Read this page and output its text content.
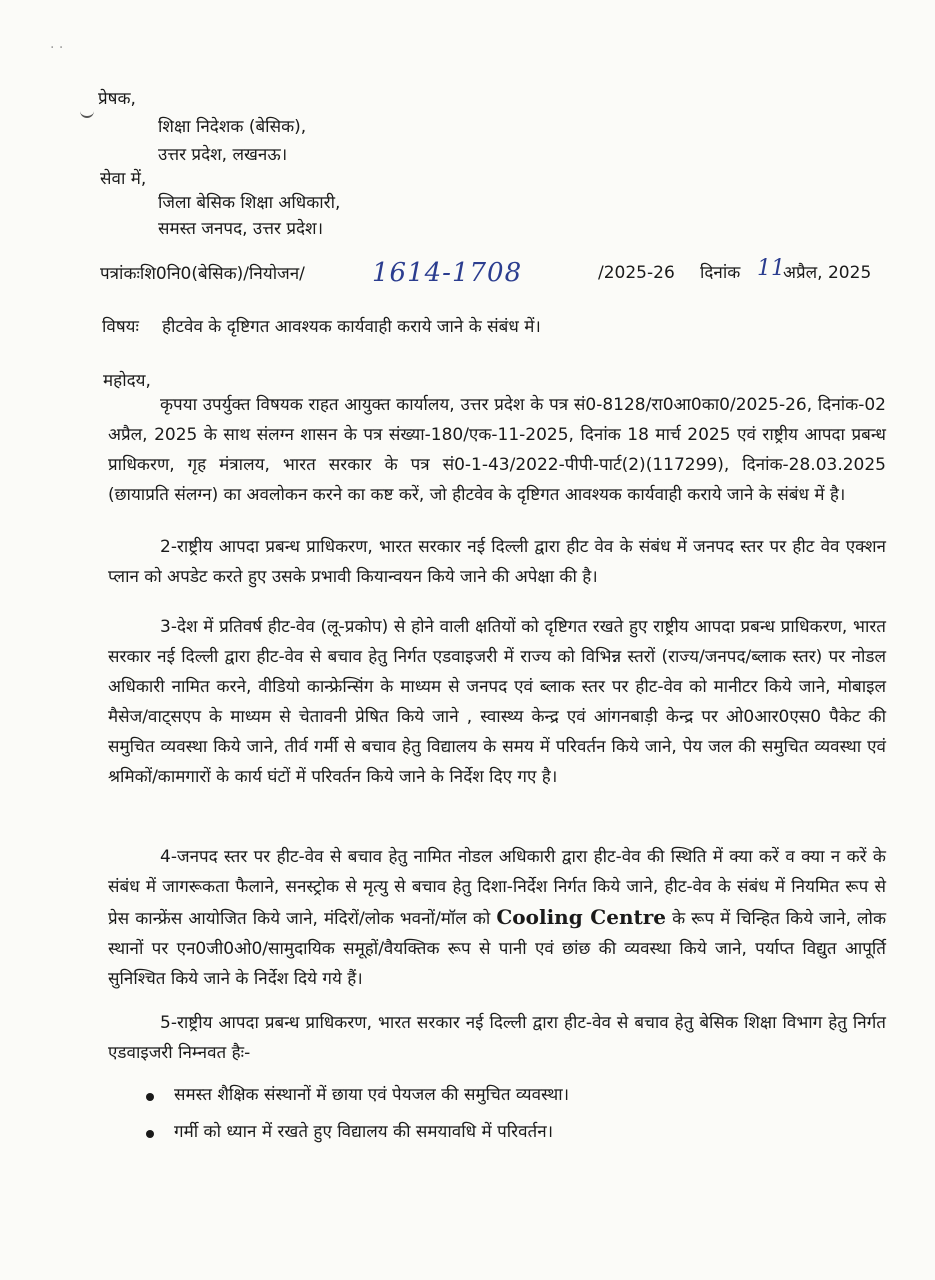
· ·
प्रेषक,
शिक्षा निदेशक (बेसिक),
उत्तर प्रदेश, लखनऊ।
सेवा में,
जिला बेसिक शिक्षा अधिकारी,
समस्त जनपद, उत्तर प्रदेश।
पत्रांकःशि0नि0(बेसिक)/नियोजन/	1614-1708	/2025-26 दिनांक 11
अप्रैल, 2025
विषयः हीटवेव के दृष्टिगत आवश्यक कार्यवाही कराये जाने के संबंध में।
महोदय,
कृपया उपर्युक्त विषयक राहत आयुक्त कार्यालय, उत्तर प्रदेश के पत्र सं0-8128/रा0आ0का0/2025-26, दिनांक-02 अप्रैल, 2025 के साथ संलग्न शासन के पत्र संख्या-180/एक-11-2025, दिनांक 18 मार्च 2025 एवं राष्ट्रीय आपदा प्रबन्ध प्राधिकरण, गृह मंत्रालय, भारत सरकार के पत्र सं0-1-43/2022-पीपी-पार्ट(2)(117299), दिनांक-28.03.2025 (छायाप्रति संलग्न) का अवलोकन करने का कष्ट करें, जो हीटवेव के दृष्टिगत आवश्यक कार्यवाही कराये जाने के संबंध में है।
2-राष्ट्रीय आपदा प्रबन्ध प्राधिकरण, भारत सरकार नई दिल्ली द्वारा हीट वेव के संबंध में जनपद स्तर पर हीट वेव एक्शन प्लान को अपडेट करते हुए उसके प्रभावी कियान्वयन किये जाने की अपेक्षा की है।
3-देश में प्रतिवर्ष हीट-वेव (लू-प्रकोप) से होने वाली क्षतियों को दृष्टिगत रखते हुए राष्ट्रीय आपदा प्रबन्ध प्राधिकरण, भारत सरकार नई दिल्ली द्वारा हीट-वेव से बचाव हेतु निर्गत एडवाइजरी में राज्य को विभिन्न स्तरों (राज्य/जनपद/ब्लाक स्तर) पर नोडल अधिकारी नामित करने, वीडियो कान्फ्रेन्सिंग के माध्यम से जनपद एवं ब्लाक स्तर पर हीट-वेव को मानीटर किये जाने, मोबाइल मैसेज/वाट्सएप के माध्यम से चेतावनी प्रेषित किये जाने , स्वास्थ्य केन्द्र एवं आंगनबाड़ी केन्द्र पर ओ0आर0एस0 पैकेट की समुचित व्यवस्था किये जाने, तीर्व गर्मी से बचाव हेतु विद्यालय के समय में परिवर्तन किये जाने, पेय जल की समुचित व्यवस्था एवं श्रमिकों/कामगारों के कार्य घंटों में परिवर्तन किये जाने के निर्देश दिए गए है।
4-जनपद स्तर पर हीट-वेव से बचाव हेतु नामित नोडल अधिकारी द्वारा हीट-वेव की स्थिति में क्या करें व क्या न करें के संबंध में जागरूकता फैलाने, सनस्ट्रोक से मृत्यु से बचाव हेतु दिशा-निर्देश निर्गत किये जाने, हीट-वेव के संबंध में नियमित रूप से प्रेस कान्फ्रेंस आयोजित किये जाने, मंदिरों/लोक भवनों/मॉल को Cooling Centre के रूप में चिन्हित किये जाने, लोक स्थानों पर एन0जी0ओ0/सामुदायिक समूहों/वैयक्तिक रूप से पानी एवं छांछ की व्यवस्था किये जाने, पर्याप्त विद्युत आपूर्ति सुनिश्चित किये जाने के निर्देश दिये गये हैं।
5-राष्ट्रीय आपदा प्रबन्ध प्राधिकरण, भारत सरकार नई दिल्ली द्वारा हीट-वेव से बचाव हेतु बेसिक शिक्षा विभाग हेतु निर्गत एडवाइजरी निम्नवत हैः-
समस्त शैक्षिक संस्थानों में छाया एवं पेयजल की समुचित व्यवस्था।
गर्मी को ध्यान में रखते हुए विद्यालय की समयावधि में परिवर्तन।
